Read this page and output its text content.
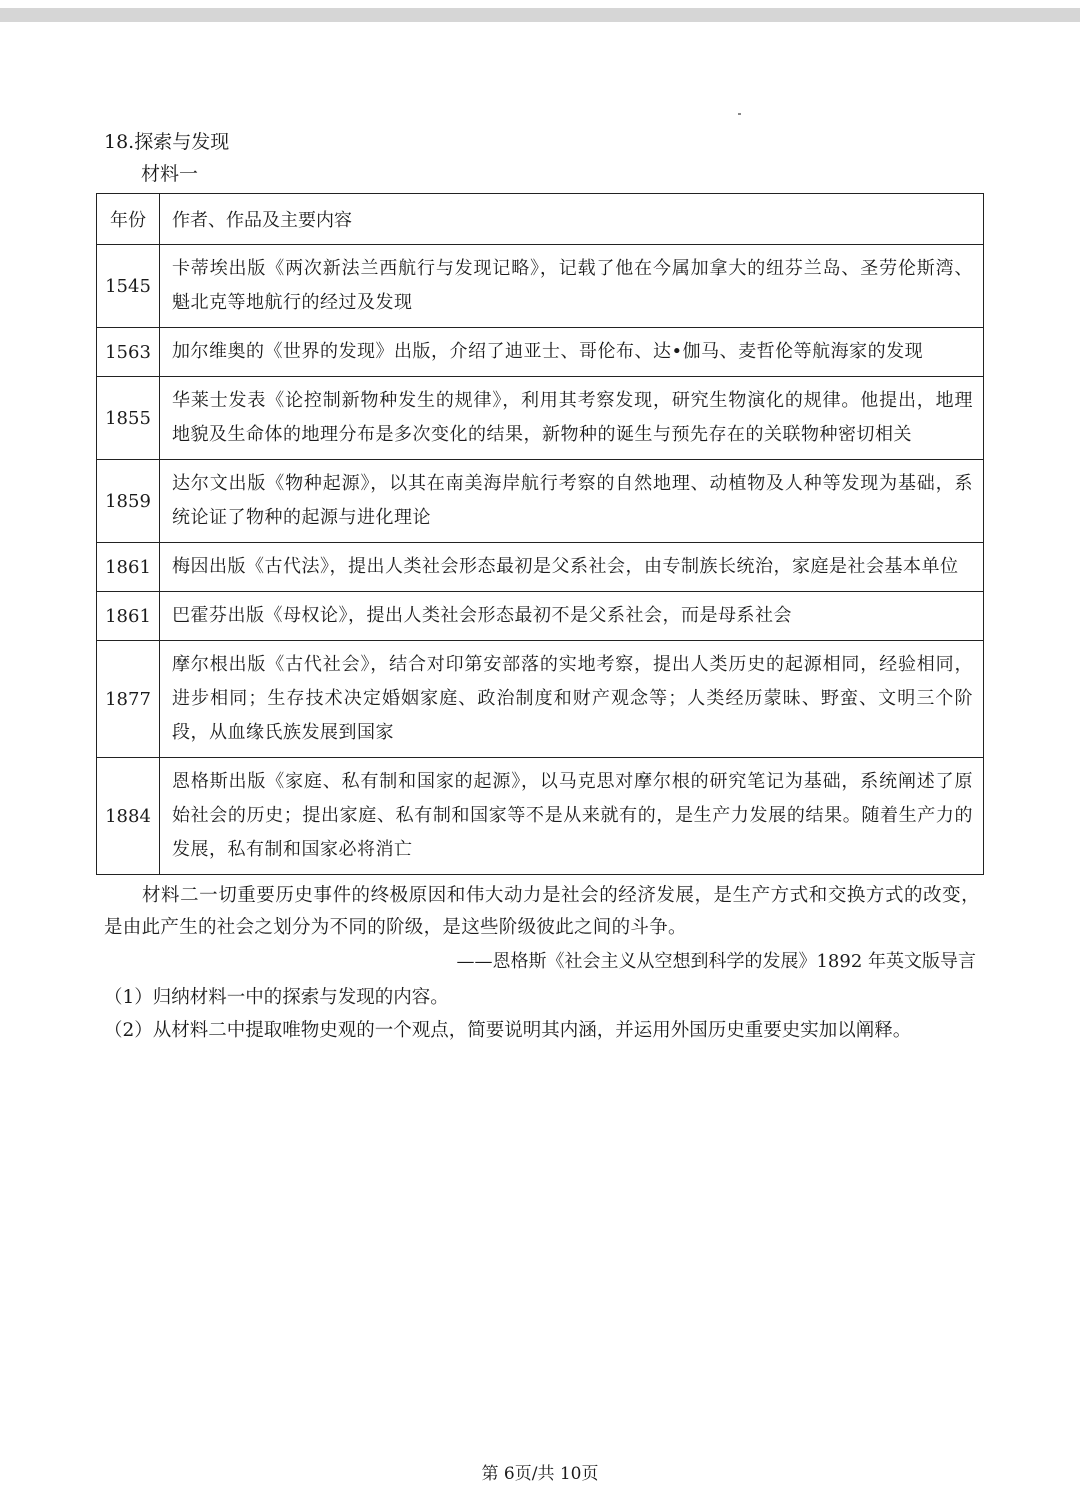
18.探索与发现
材料一
年份	作者、作品及主要内容
1545	卡蒂埃出版《两次新法兰西航行与发现记略》，记载了他在今属加拿大的纽芬兰岛、圣劳伦斯湾、魁北克等地航行的经过及发现
1563	加尔维奥的《世界的发现》出版，介绍了迪亚士、哥伦布、达•伽马、麦哲伦等航海家的发现
1855	华莱士发表《论控制新物种发生的规律》，利用其考察发现，研究生物演化的规律。他提出，地理地貌及生命体的地理分布是多次变化的结果，新物种的诞生与预先存在的关联物种密切相关
1859	达尔文出版《物种起源》，以其在南美海岸航行考察的自然地理、动植物及人种等发现为基础，系统论证了物种的起源与进化理论
1861	梅因出版《古代法》，提出人类社会形态最初是父系社会，由专制族长统治，家庭是社会基本单位
1861	巴霍芬出版《母权论》，提出人类社会形态最初不是父系社会，而是母系社会
1877	摩尔根出版《古代社会》，结合对印第安部落的实地考察，提出人类历史的起源相同，经验相同，进步相同；生存技术决定婚姻家庭、政治制度和财产观念等；人类经历蒙昧、野蛮、文明三个阶段，从血缘氏族发展到国家
1884	恩格斯出版《家庭、私有制和国家的起源》，以马克思对摩尔根的研究笔记为基础，系统阐述了原始社会的历史；提出家庭、私有制和国家等不是从来就有的，是生产力发展的结果。随着生产力的发展，私有制和国家必将消亡
材料二一切重要历史事件的终极原因和伟大动力是社会的经济发展，是生产方式和交换方式的改变，是由此产生的社会之划分为不同的阶级，是这些阶级彼此之间的斗争。
——恩格斯《社会主义从空想到科学的发展》1892 年英文版导言
（1）归纳材料一中的探索与发现的内容。
（2）从材料二中提取唯物史观的一个观点，简要说明其内涵，并运用外国历史重要史实加以阐释。
第 6页/共 10页
